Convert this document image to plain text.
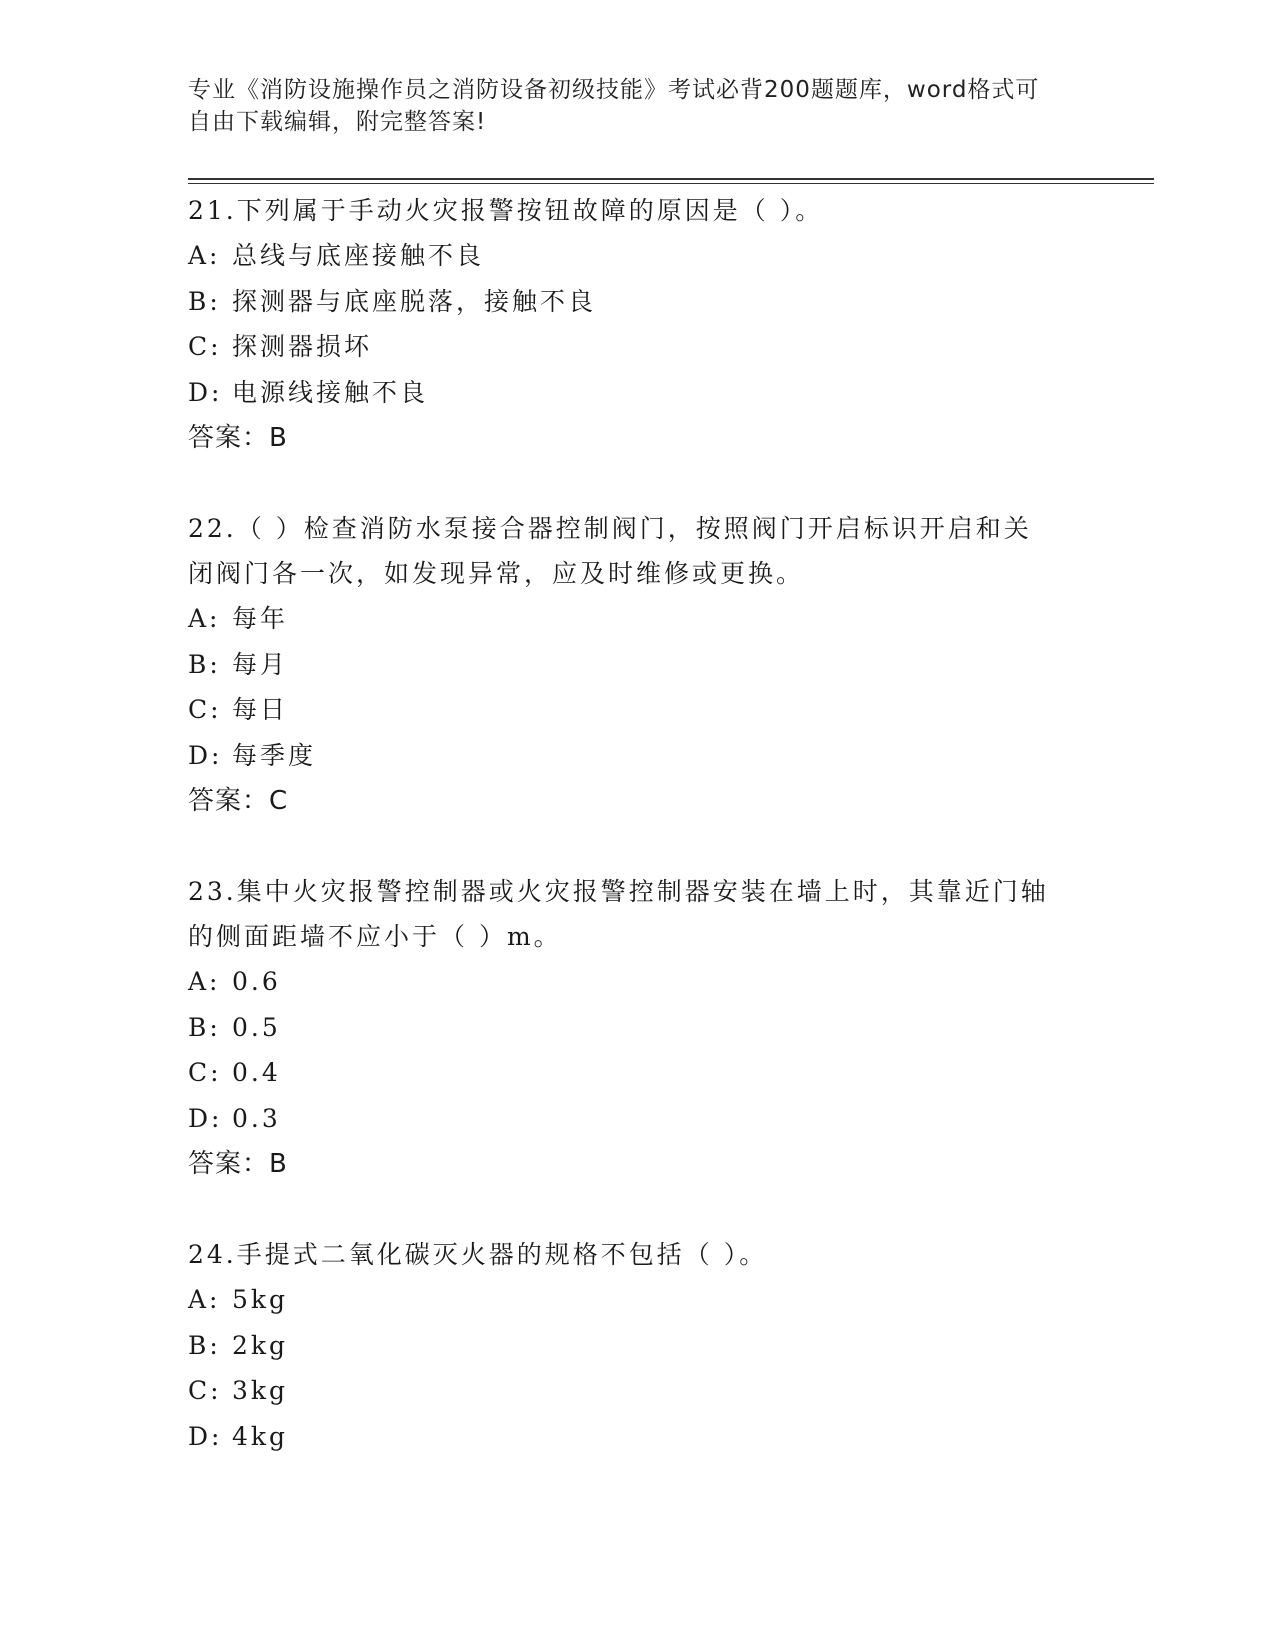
专业《消防设施操作员之消防设备初级技能》考试必背200题题库，word格式可
自由下载编辑，附完整答案!
21.下列属于手动火灾报警按钮故障的原因是（ ）。
A: 总线与底座接触不良
B: 探测器与底座脱落，接触不良
C: 探测器损坏
D: 电源线接触不良
答案：B
22.（ ）检查消防水泵接合器控制阀门，按照阀门开启标识开启和关
闭阀门各一次，如发现异常，应及时维修或更换。
A: 每年
B: 每月
C: 每日
D: 每季度
答案：C
23.集中火灾报警控制器或火灾报警控制器安装在墙上时，其靠近门轴
的侧面距墙不应小于（ ）m。
A: 0.6
B: 0.5
C: 0.4
D: 0.3
答案：B
24.手提式二氧化碳灭火器的规格不包括（ ）。
A: 5kg
B: 2kg
C: 3kg
D: 4kg
